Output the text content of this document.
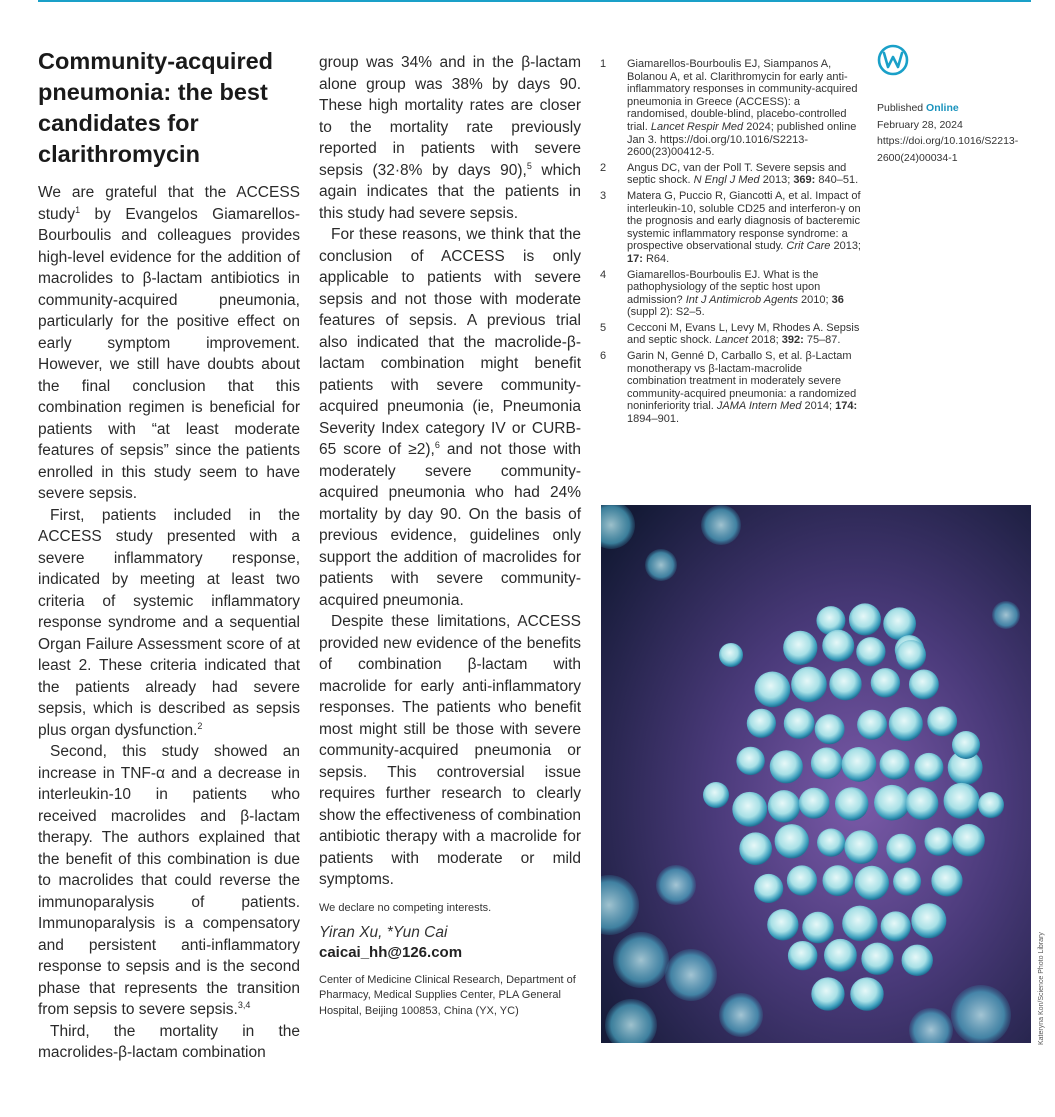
Community-acquired pneumonia: the best candidates for clarithromycin

We are grateful that the ACCESS study$^1$ by Evangelos Giamarellos-Bourboulis and colleagues provides high-level evidence for the addition of macrolides to β-lactam antibiotics in community-acquired pneumonia, particularly for the positive effect on early symptom improvement. However, we still have doubts about the final conclusion that this combination regimen is beneficial for patients with “at least moderate features of sepsis” since the patients enrolled in this study seem to have severe sepsis.

First, patients included in the ACCESS study presented with a severe inflammatory response, indicated by meeting at least two criteria of systemic inflammatory response syndrome and a sequential Organ Failure Assessment score of at least 2. These criteria indicated that the patients already had severe sepsis, which is described as sepsis plus organ dysfunction.$^2$

Second, this study showed an increase in TNF-α and a decrease in interleukin-10 in patients who received macrolides and β-lactam therapy. The authors explained that the benefit of this combination is due to macrolides that could reverse the immunoparalysis of patients. Immunoparalysis is a compensatory and persistent anti-inflammatory response to sepsis and is the second phase that represents the transition from sepsis to severe sepsis.$^{3,4}$

Third, the mortality in the macrolides-β-lactam combination

group was 34% and in the β-lactam alone group was 38% by days 90. These high mortality rates are closer to the mortality rate previously reported in patients with severe sepsis (32·8% by days 90),$^5$ which again indicates that the patients in this study had severe sepsis.

For these reasons, we think that the conclusion of ACCESS is only applicable to patients with severe sepsis and not those with moderate features of sepsis. A previous trial also indicated that the macrolide-β-lactam combination might benefit patients with severe community-acquired pneumonia (ie, Pneumonia Severity Index category IV or CURB-65 score of ≥2),$^6$ and not those with moderately severe community-acquired pneumonia who had 24% mortality by day 90. On the basis of previous evidence, guidelines only support the addition of macrolides for patients with severe community-acquired pneumonia.

Despite these limitations, ACCESS provided new evidence of the benefits of combination β-lactam with macrolide for early anti-inflammatory responses. The patients who benefit most might still be those with severe community-acquired pneumonia or sepsis. This controversial issue requires further research to clearly show the effectiveness of combination antibiotic therapy with a macrolide for patients with moderate or mild symptoms.

We declare no competing interests.
Yiran Xu, *Yun Cai
caicai_hh@126.com
Center of Medicine Clinical Research, Department of Pharmacy, Medical Supplies Center, PLA General Hospital, Beijing 100853, China (YX, YC)
1 Giamarellos-Bourboulis EJ, Siampanos A, Bolanou A, et al. Clarithromycin for early anti-inflammatory responses in community-acquired pneumonia in Greece (ACCESS): a randomised, double-blind, placebo-controlled trial. Lancet Respir Med 2024; published online Jan 3. https://doi.org/10.1016/S2213-2600(23)00412-5.
2 Angus DC, van der Poll T. Severe sepsis and septic shock. N Engl J Med 2013; 369: 840–51.
3 Matera G, Puccio R, Giancotti A, et al. Impact of interleukin-10, soluble CD25 and interferon-γ on the prognosis and early diagnosis of bacteremic systemic inflammatory response syndrome: a prospective observational study. Crit Care 2013; 17: R64.
4 Giamarellos-Bourboulis EJ. What is the pathophysiology of the septic host upon admission? Int J Antimicrob Agents 2010; 36 (suppl 2): S2–5.
5 Cecconi M, Evans L, Levy M, Rhodes A. Sepsis and septic shock. Lancet 2018; 392: 75–87.
6 Garin N, Genné D, Carballo S, et al. β-Lactam monotherapy vs β-lactam-macrolide combination treatment in moderately severe community-acquired pneumonia: a randomized noninferiority trial. JAMA Intern Med 2014; 174: 1894–901.
Published Online
February 28, 2024
https://doi.org/10.1016/S2213-2600(24)00034-1
Kateryna Kon/Science Photo Library
